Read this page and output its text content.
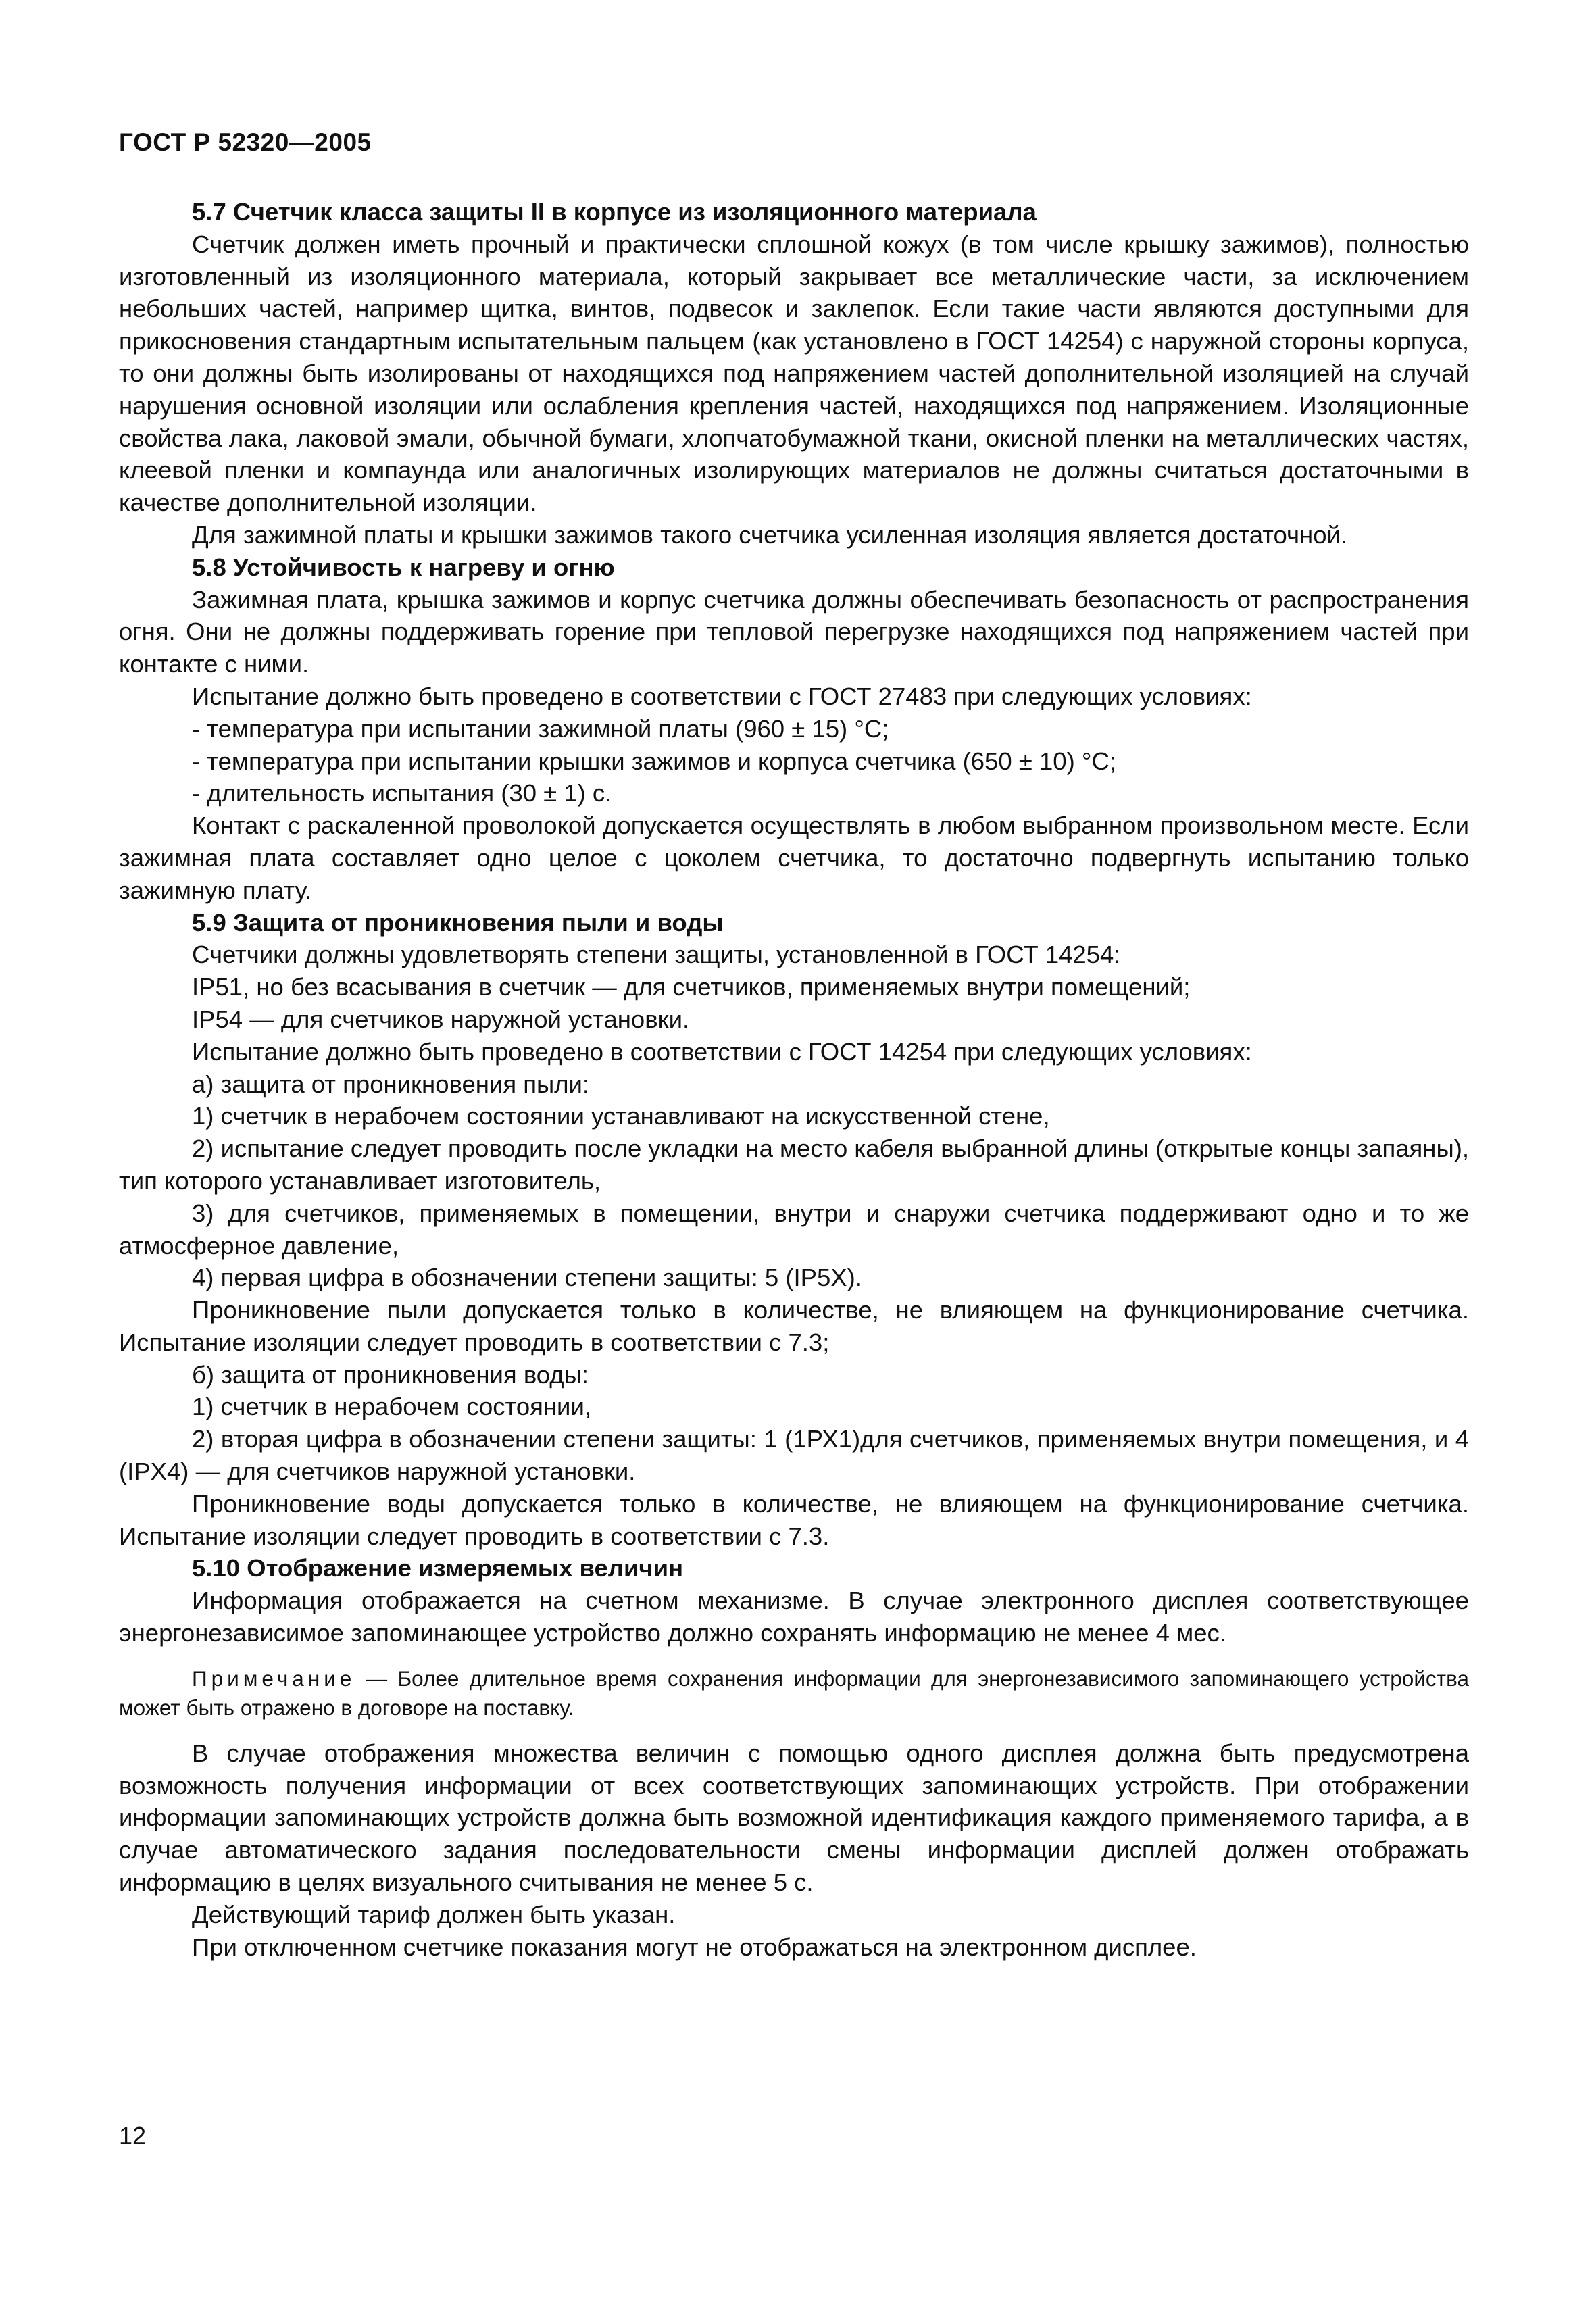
ГОСТ Р 52320—2005

5.7 Счетчик класса защиты II в корпусе из изоляционного материала

Счетчик должен иметь прочный и практически сплошной кожух (в том числе крышку зажимов), полностью изготовленный из изоляционного материала, который закрывает все металлические части, за исключением небольших частей, например щитка, винтов, подвесок и заклепок. Если такие части являются доступными для прикосновения стандартным испытательным пальцем (как установлено в ГОСТ 14254) с наружной стороны корпуса, то они должны быть изолированы от находящихся под напряжением частей дополнительной изоляцией на случай нарушения основной изоляции или ослабления крепления частей, находящихся под напряжением. Изоляционные свойства лака, лаковой эмали, обычной бумаги, хлопчатобумажной ткани, окисной пленки на металлических частях, клеевой пленки и компаунда или аналогичных изолирующих материалов не должны считаться достаточными в качестве дополнительной изоляции.

Для зажимной платы и крышки зажимов такого счетчика усиленная изоляция является достаточной.

5.8 Устойчивость к нагреву и огню

Зажимная плата, крышка зажимов и корпус счетчика должны обеспечивать безопасность от распространения огня. Они не должны поддерживать горение при тепловой перегрузке находящихся под напряжением частей при контакте с ними.

Испытание должно быть проведено в соответствии с ГОСТ 27483 при следующих условиях:

- температура при испытании зажимной платы (960 ± 15) °С;

- температура при испытании крышки зажимов и корпуса счетчика (650 ± 10) °С;

- длительность испытания (30 ± 1) с.

Контакт с раскаленной проволокой допускается осуществлять в любом выбранном произвольном месте. Если зажимная плата составляет одно целое с цоколем счетчика, то достаточно подвергнуть испытанию только зажимную плату.

5.9 Защита от проникновения пыли и воды

Счетчики должны удовлетворять степени защиты, установленной в ГОСТ 14254:

IP51, но без всасывания в счетчик — для счетчиков, применяемых внутри помещений;

IP54 — для счетчиков наружной установки.

Испытание должно быть проведено в соответствии с ГОСТ 14254 при следующих условиях:

а) защита от проникновения пыли:

1) счетчик в нерабочем состоянии устанавливают на искусственной стене,

2) испытание следует проводить после укладки на место кабеля выбранной длины (открытые концы запаяны), тип которого устанавливает изготовитель,

3) для счетчиков, применяемых в помещении, внутри и снаружи счетчика поддерживают одно и то же атмосферное давление,

4) первая цифра в обозначении степени защиты: 5 (IP5X).

Проникновение пыли допускается только в количестве, не влияющем на функционирование счетчика. Испытание изоляции следует проводить в соответствии с 7.3;

б) защита от проникновения воды:

1) счетчик в нерабочем состоянии,

2) вторая цифра в обозначении степени защиты: 1 (1РХ1)для счетчиков, применяемых внутри помещения, и 4 (IPX4) — для счетчиков наружной установки.

Проникновение воды допускается только в количестве, не влияющем на функционирование счетчика. Испытание изоляции следует проводить в соответствии с 7.3.

5.10 Отображение измеряемых величин

Информация отображается на счетном механизме. В случае электронного дисплея соответствующее энергонезависимое запоминающее устройство должно сохранять информацию не менее 4 мес.

Примечание — Более длительное время сохранения информации для энергонезависимого запоминающего устройства может быть отражено в договоре на поставку.

В случае отображения множества величин с помощью одного дисплея должна быть предусмотрена возможность получения информации от всех соответствующих запоминающих устройств. При отображении информации запоминающих устройств должна быть возможной идентификация каждого применяемого тарифа, а в случае автоматического задания последовательности смены информации дисплей должен отображать информацию в целях визуального считывания не менее 5 с.

Действующий тариф должен быть указан.

При отключенном счетчике показания могут не отображаться на электронном дисплее.

12
